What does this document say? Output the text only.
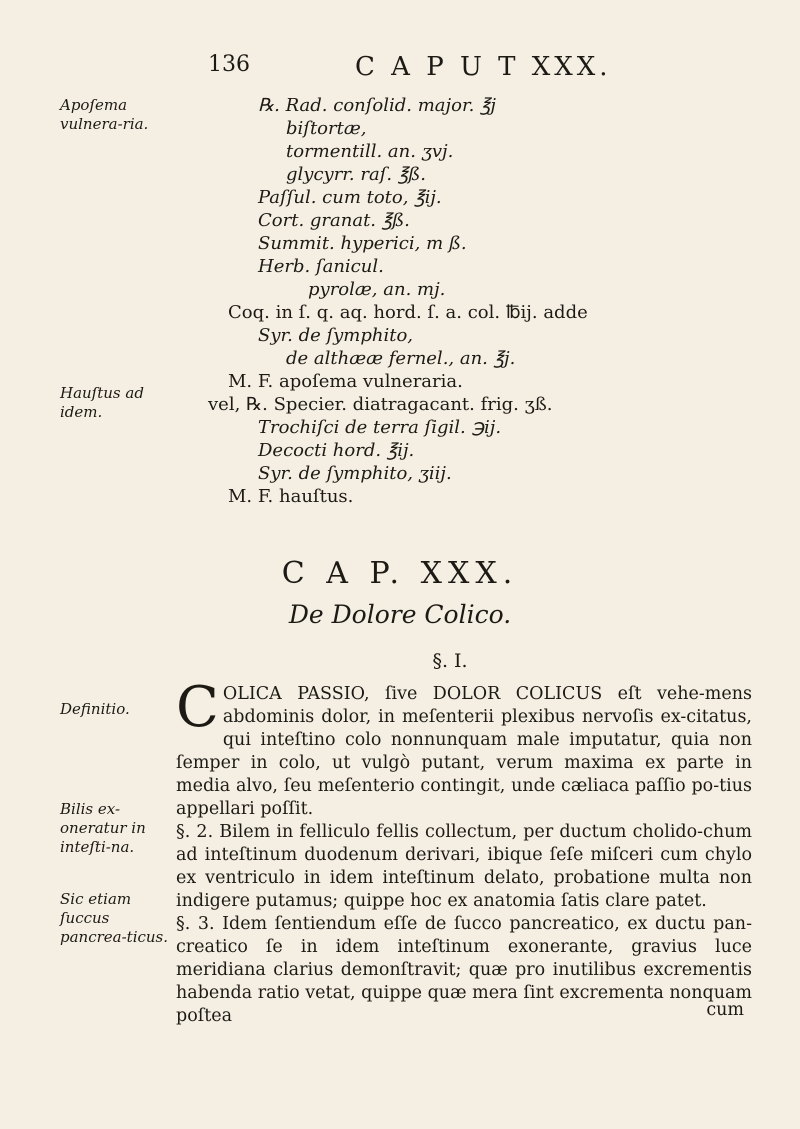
136	C A P U T XXX.
Apoſema vulnera-ria.
Hauſtus ad idem.
Definitio.
Bilis ex-oneratur in inteſti-na.
Sic etiam ſuccus pancrea-ticus.
℞. Rad. conſolid. major. ℥j
biſtortæ,
tormentill. an. ʒvj.
glycyrr. raſ. ℥ß.
Paſſul. cum toto, ℥ij.
Cort. granat. ℥ß.
Summit. hyperici, m ß.
Herb. ſanicul.
pyrolæ, an. mj.
Coq. in ſ. q. aq. hord. ſ. a. col. ℔ij. adde
Syr. de ſymphito,
de althææ fernel., an. ℥j.
M. F. apoſema vulneraria.
vel, ℞. Specier. diatragacant. frig. ʒß.
Trochiſci de terra ſigil. ℈ij.
Decocti hord. ℥ij.
Syr. de ſymphito, ʒiij.
M. F. hauſtus.
C A P. XXX.
De Dolore Colico.
§. I.

COLICA PASSIO, ſive DOLOR COLICUS eſt vehe-mens abdominis dolor, in meſenterii plexibus nervoſis ex-citatus, qui inteſtino colo nonnunquam male imputatur, quia non ſemper in colo, ut vulgò putant, verum maxima ex parte in media alvo, ſeu meſenterio contingit, unde cæliaca paſſio po-tius appellari poſſit.

§. 2. Bilem in felliculo fellis collectum, per ductum cholido-chum ad inteſtinum duodenum derivari, ibique ſeſe miſceri cum chylo ex ventriculo in idem inteſtinum delato, probatione multa non indigere putamus; quippe hoc ex anatomia ſatis clare patet.

§. 3. Idem ſentiendum eſſe de ſucco pancreatico, ex ductu pan-creatico ſe in idem inteſtinum exonerante, gravius luce meridiana clarius demonſtravit; quæ pro inutilibus excrementis habenda ratio vetat, quippe quæ mera ſint excrementa nonquam poſtea	cum
